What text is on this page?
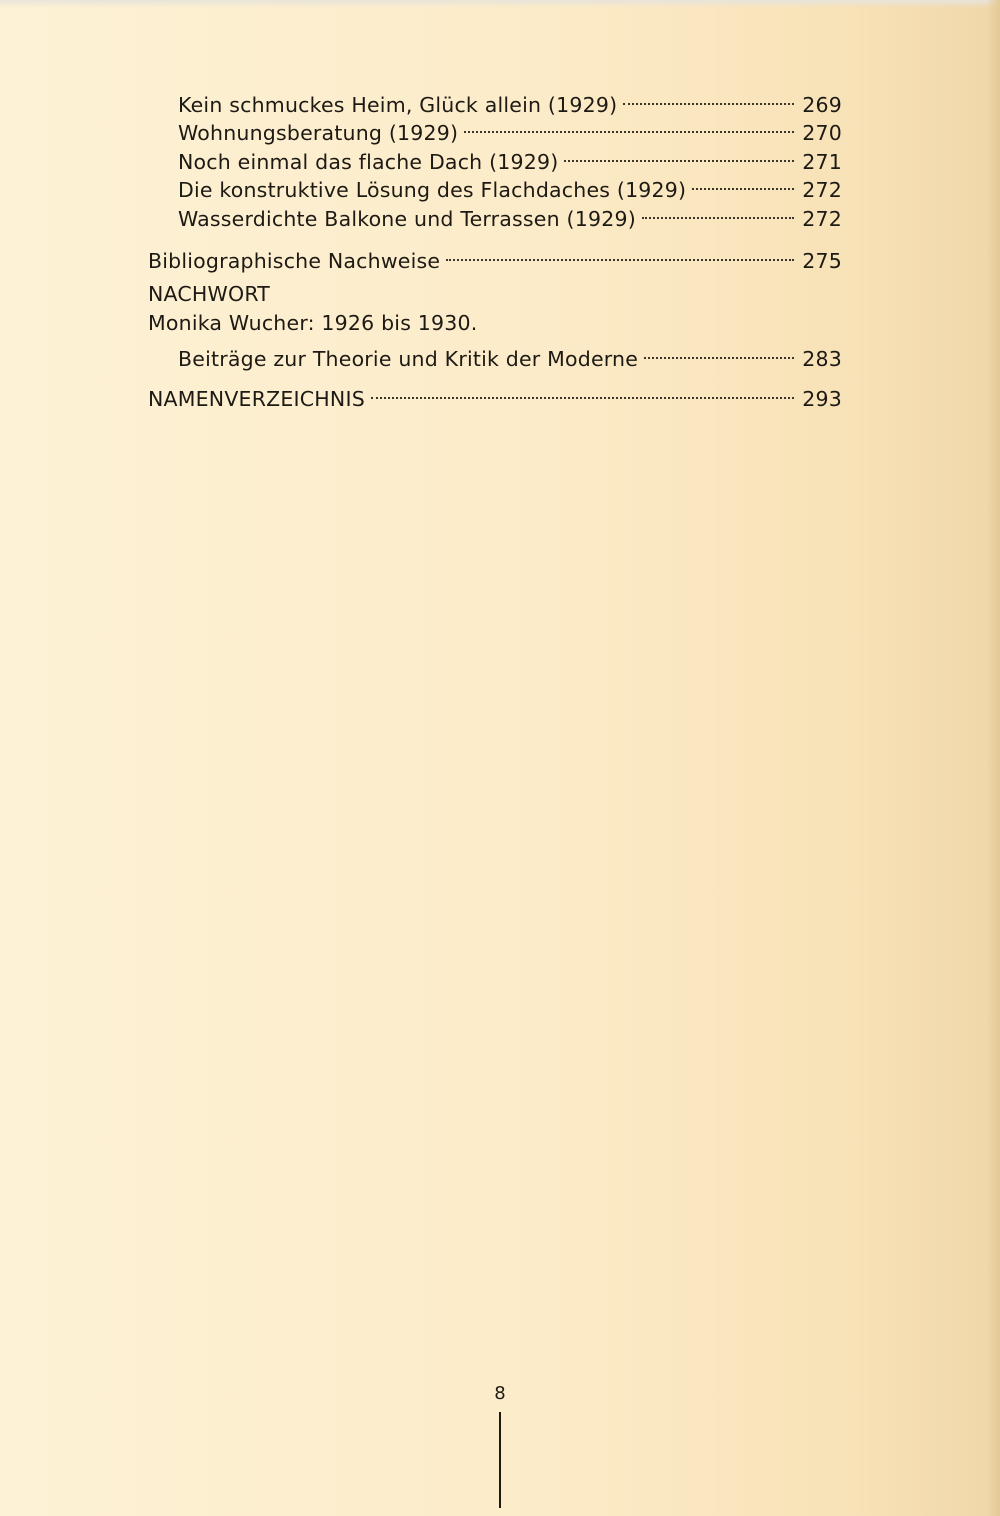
Kein schmuckes Heim, Glück allein (1929)	269
Wohnungsberatung (1929)	270
Noch einmal das flache Dach (1929)	271
Die konstruktive Lösung des Flachdaches (1929)	272
Wasserdichte Balkone und Terrassen (1929)	272
Bibliographische Nachweise	275
NACHWORT
Monika Wucher: 1926 bis 1930.
Beiträge zur Theorie und Kritik der Moderne	283
NAMENVERZEICHNIS	293
8
